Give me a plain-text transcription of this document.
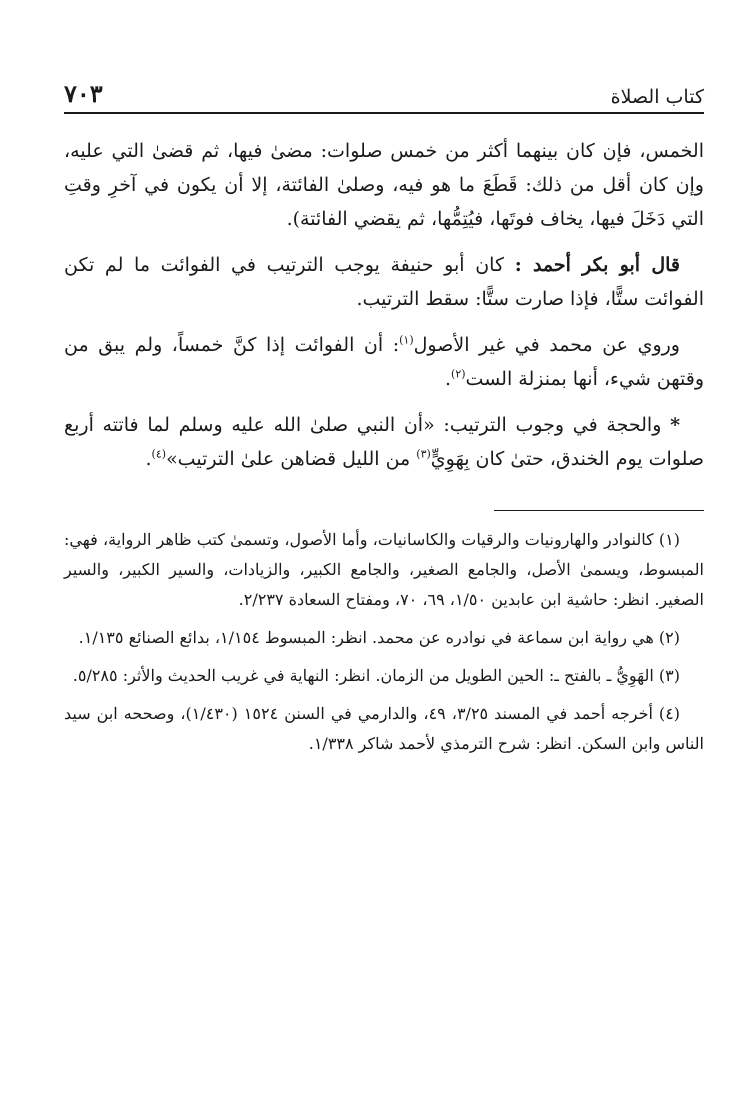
كتاب الصلاة
٧٠٣

الخمس، فإن كان بينهما أكثر من خمس صلوات: مضىٰ فيها، ثم قضىٰ التي عليه، وإن كان أقل من ذلك: قَطَعَ ما هو فيه، وصلىٰ الفائتة، إلا أن يكون في آخرِ وقتِ التي دَخَلَ فيها، يخاف فوتَها، فيُتِمُّها، ثم يقضي الفائتة).

قال أبو بكر أحمد : كان أبو حنيفة يوجب الترتيب في الفوائت ما لم تكن الفوائت ستًّا، فإذا صارت ستًّا: سقط الترتيب.

وروي عن محمد في غير الأصول$^{(١)}$: أن الفوائت إذا كنَّ خمساً، ولم يبق من وقتهن شيء، أنها بمنزلة الست$^{(٢)}$.

* والحجة في وجوب الترتيب: «أن النبي صلىٰ الله عليه وسلم لما فاتته أربع صلوات يوم الخندق، حتىٰ كان بِهَوِيٍّ$^{(٣)}$ من الليل قضاهن علىٰ الترتيب»$^{(٤)}$.

(١) كالنوادر والهارونيات والرقيات والكاسانيات، وأما الأصول، وتسمىٰ كتب ظاهر الرواية، فهي: المبسوط، ويسمىٰ الأصل، والجامع الصغير، والجامع الكبير، والزيادات، والسير الكبير، والسير الصغير. انظر: حاشية ابن عابدين ١/٥٠، ٦٩، ٧٠، ومفتاح السعادة ٢/٢٣٧.

(٢) هي رواية ابن سماعة في نوادره عن محمد. انظر: المبسوط ١/١٥٤، بدائع الصنائع ١/١٣٥.

(٣) الهَوِيُّ ـ بالفتح ـ: الحين الطويل من الزمان. انظر: النهاية في غريب الحديث والأثر: ٥/٢٨٥.

(٤) أخرجه أحمد في المسند ٣/٢٥، ٤٩، والدارمي في السنن ١٥٢٤ (١/٤٣٠)، وصححه ابن سيد الناس وابن السكن. انظر: شرح الترمذي لأحمد شاكر ١/٣٣٨.
